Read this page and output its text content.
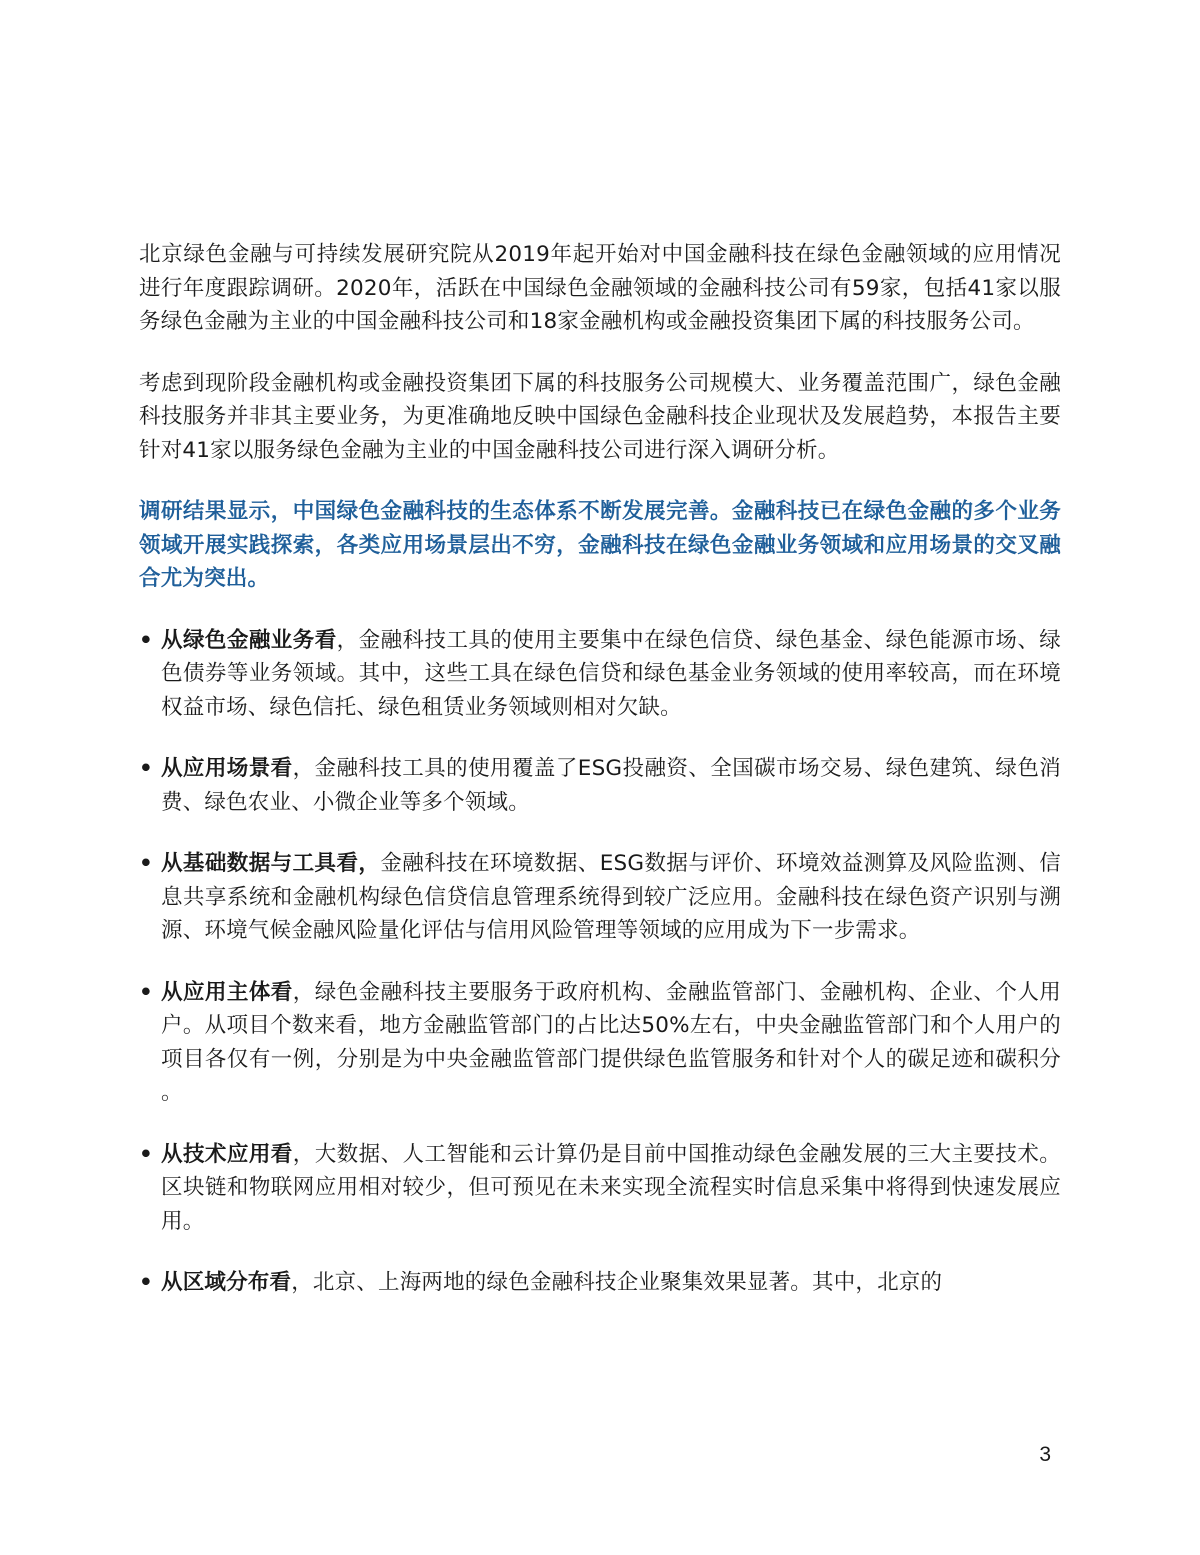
北京绿色金融与可持续发展研究院从2019年起开始对中国金融科技在绿色金融领域的应用情况进行年度跟踪调研。2020年，活跃在中国绿色金融领域的金融科技公司有59家，包括41家以服务绿色金融为主业的中国金融科技公司和18家金融机构或金融投资集团下属的科技服务公司。

考虑到现阶段金融机构或金融投资集团下属的科技服务公司规模大、业务覆盖范围广，绿色金融科技服务并非其主要业务，为更准确地反映中国绿色金融科技企业现状及发展趋势，本报告主要针对41家以服务绿色金融为主业的中国金融科技公司进行深入调研分析。

调研结果显示，中国绿色金融科技的生态体系不断发展完善。金融科技已在绿色金融的多个业务领域开展实践探索，各类应用场景层出不穷，金融科技在绿色金融业务领域和应用场景的交叉融合尤为突出。

• 从绿色金融业务看，金融科技工具的使用主要集中在绿色信贷、绿色基金、绿色能源市场、绿色债券等业务领域。其中，这些工具在绿色信贷和绿色基金业务领域的使用率较高，而在环境权益市场、绿色信托、绿色租赁业务领域则相对欠缺。
• 从应用场景看，金融科技工具的使用覆盖了ESG投融资、全国碳市场交易、绿色建筑、绿色消费、绿色农业、小微企业等多个领域。
• 从基础数据与工具看，金融科技在环境数据、ESG数据与评价、环境效益测算及风险监测、信息共享系统和金融机构绿色信贷信息管理系统得到较广泛应用。金融科技在绿色资产识别与溯源、环境气候金融风险量化评估与信用风险管理等领域的应用成为下一步需求。
• 从应用主体看，绿色金融科技主要服务于政府机构、金融监管部门、金融机构、企业、个人用户。从项目个数来看，地方金融监管部门的占比达50%左右，中央金融监管部门和个人用户的项目各仅有一例，分别是为中央金融监管部门提供绿色监管服务和针对个人的碳足迹和碳积分 。
• 从技术应用看，大数据、人工智能和云计算仍是目前中国推动绿色金融发展的三大主要技术。区块链和物联网应用相对较少，但可预见在未来实现全流程实时信息采集中将得到快速发展应用。
• 从区域分布看，北京、上海两地的绿色金融科技企业聚集效果显著。其中，北京的
3
